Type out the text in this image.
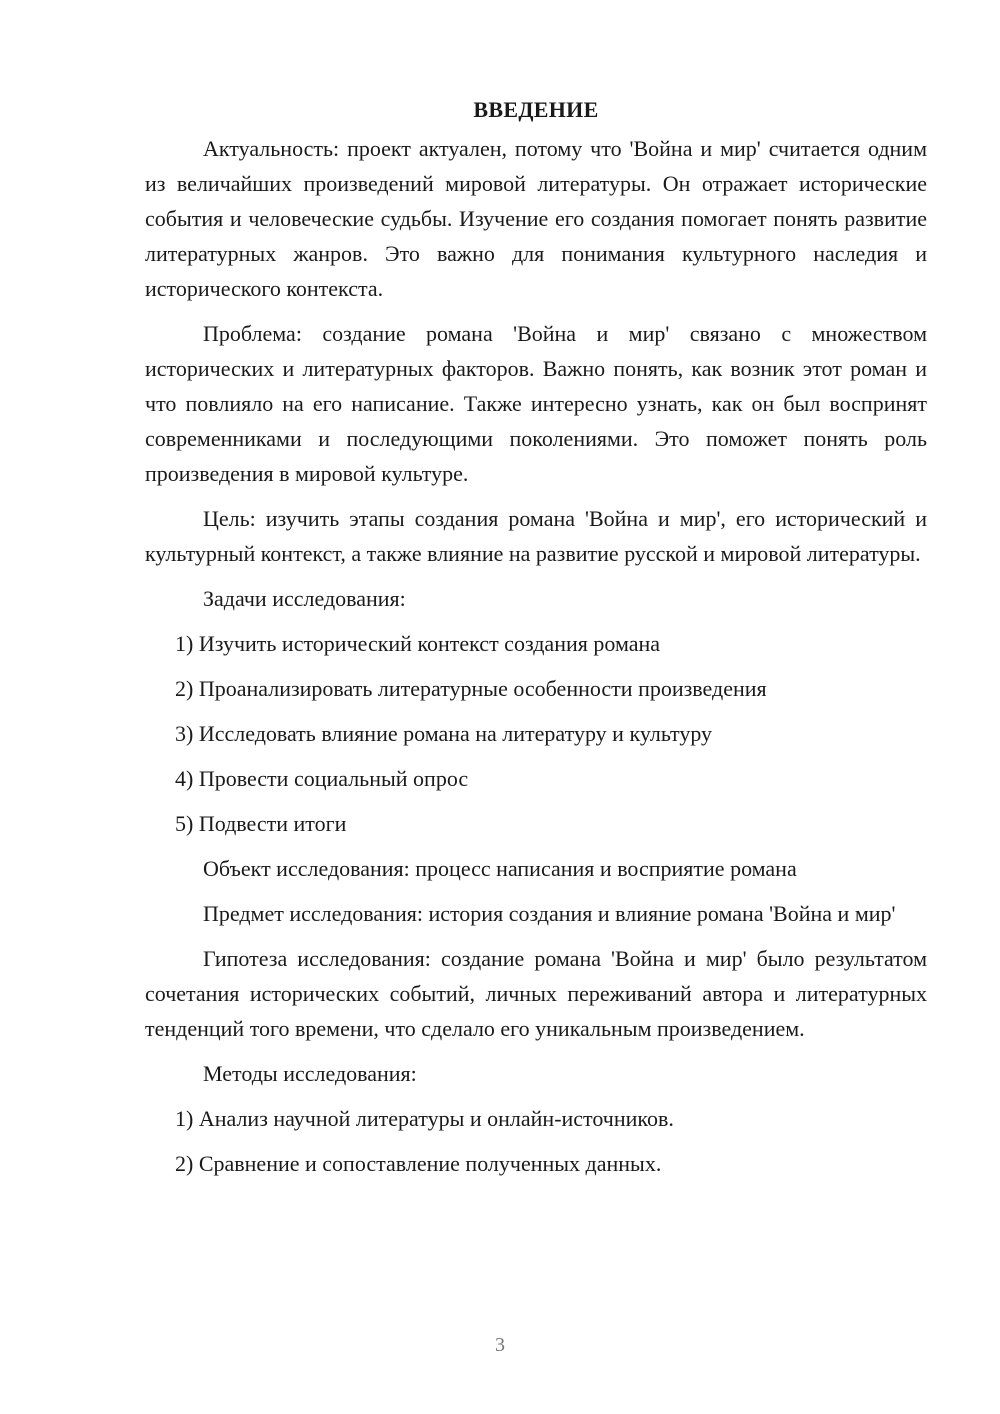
ВВЕДЕНИЕ

Актуальность: проект актуален, потому что 'Война и мир' считается одним из величайших произведений мировой литературы. Он отражает исторические события и человеческие судьбы. Изучение его создания помогает понять развитие литературных жанров. Это важно для понимания культурного наследия и исторического контекста.

Проблема: создание романа 'Война и мир' связано с множеством исторических и литературных факторов. Важно понять, как возник этот роман и что повлияло на его написание. Также интересно узнать, как он был воспринят современниками и последующими поколениями. Это поможет понять роль произведения в мировой культуре.

Цель: изучить этапы создания романа 'Война и мир', его исторический и культурный контекст, а также влияние на развитие русской и мировой литературы.

Задачи исследования:

1) Изучить исторический контекст создания романа

2) Проанализировать литературные особенности произведения

3) Исследовать влияние романа на литературу и культуру

4) Провести социальный опрос

5) Подвести итоги

Объект исследования: процесс написания и восприятие романа

Предмет исследования: история создания и влияние романа 'Война и мир'

Гипотеза исследования: создание романа 'Война и мир' было результатом сочетания исторических событий, личных переживаний автора и литературных тенденций того времени, что сделало его уникальным произведением.

Методы исследования:

1) Анализ научной литературы и онлайн-источников.

2) Сравнение и сопоставление полученных данных.

3
